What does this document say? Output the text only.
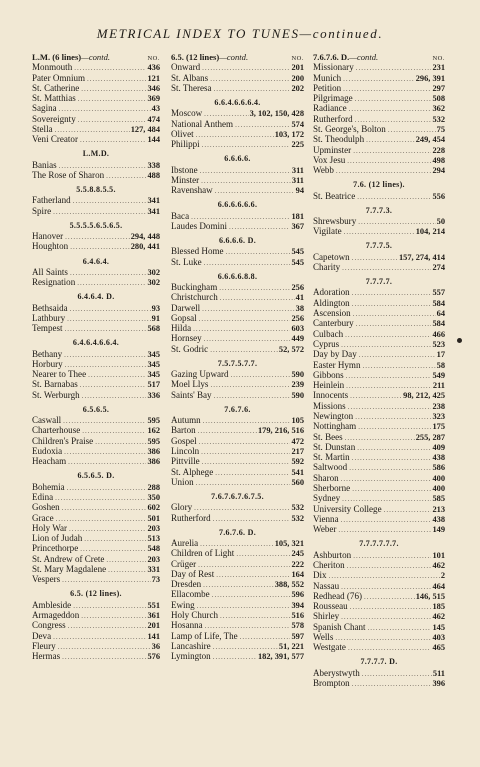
METRICAL INDEX TO TUNES—continued.
L.M. (6 lines)—contd.	NO.
Monmouth .....	436
Pater Omnium .....	121
St. Catherine .....	346
St. Matthias .....	369
Sagina .....	43
Sovereignty .....	474
Stella .....	127, 484
Veni Creator .....	144
L.M.D.
Banias .....	338
The Rose of Sharon .....	488
5.5.8.8.5.5.
Fatherland .....	341
Spire .....	341
5.5.5.5.6.5.6.5.
Hanover .....	294, 448
Houghton .....	280, 441
6.4.6.4.
All Saints .....	302
Resignation .....	302
6.4.6.4. D.
Bethsaida .....	93
Lathbury .....	91
Tempest .....	568
6.4.6.4.6.6.4.
Bethany .....	345
Horbury .....	345
Nearer to Thee .....	345
St. Barnabas .....	517
St. Werburgh .....	336
6.5.6.5.
Caswall .....	595
Charterhouse .....	162
Children's Praise .....	595
Eudoxia .....	386
Heacham .....	386
6.5.6.5. D.
Bohemia .....	288
Edina .....	350
Goshen .....	602
Grace .....	501
Holy War .....	203
Lion of Judah .....	513
Princethorpe .....	548
St. Andrew of Crete .....	203
St. Mary Magdalene .....	331
Vespers .....	73
6.5. (12 lines).
Ambleside .....	551
Armageddon .....	361
Congress .....	201
Deva .....	141
Fleury .....	36
Hermas .....	576
6.5. (12 lines)—contd.	NO.
Onward .....	201
St. Albans .....	200
St. Theresa .....	202
6.6.4.6.6.6.4.
Moscow .....	3, 102, 150, 428
National Anthem .....	574
Olivet .....	103, 172
Philippi .....	225
6.6.6.6.
Ibstone .....	311
Minster .....	311
Ravenshaw .....	94
6.6.6.6.6.6.
Baca .....	181
Laudes Domini .....	367
6.6.6.6. D.
Blessed Home .....	545
St. Luke .....	545
6.6.6.6.8.8.
Buckingham .....	256
Christchurch .....	41
Darwell .....	38
Gopsal .....	256
Hilda .....	603
Hornsey .....	449
St. Godric .....	52, 572
7.5.7.5.7.7.
Gazing Upward .....	590
Moel Llys .....	239
Saints' Bay .....	590
7.6.7.6.
Autumn .....	105
Barton .....	179, 216, 516
Gospel .....	472
Lincoln .....	217
Pittville .....	592
St. Alphege .....	541
Union .....	560
7.6.7.6.7.6.7.5.
Glory .....	532
Rutherford .....	532
7.6.7.6. D.
Aurelia .....	105, 321
Children of Light .....	245
Crüger .....	222
Day of Rest .....	164
Dresden .....	388, 552
Ellacombe .....	596
Ewing .....	394
Holy Church .....	516
Hosanna .....	578
Lamp of Life, The .....	597
Lancashire .....	51, 221
Lymington .....	182, 391, 577
7.6.7.6. D.—contd.	NO.
Missionary .....	231
Munich .....	296, 391
Petition .....	297
Pilgrimage .....	508
Radiance .....	362
Rutherford .....	532
St. George's, Bolton .....	75
St. Theodulph .....	249, 454
Upminster .....	228
Vox Jesu .....	498
Webb .....	294
7.6. (12 lines).
St. Beatrice .....	556
7.7.7.3.
Shrewsbury .....	50
Vigilate .....	104, 214
7.7.7.5.
Capetown .....	157, 274, 414
Charity .....	274
7.7.7.7.
Adoration .....	557
Aldington .....	584
Ascension .....	64
Canterbury .....	584
Culbach .....	466
Cyprus .....	523
Day by Day .....	17
Easter Hymn .....	58
Gibbons .....	549
Heinlein .....	211
Innocents .....	98, 212, 425
Missions .....	238
Newington .....	323
Nottingham .....	175
St. Bees .....	255, 287
St. Dunstan .....	409
St. Martin .....	438
Saltwood .....	586
Sharon .....	400
Sherborne .....	400
Sydney .....	585
University College .....	213
Vienna .....	438
Weber .....	149
7.7.7.7.7.7.
Ashburton .....	101
Cheriton .....	462
Dix .....	2
Nassau .....	464
Redhead (76) .....	146, 515
Rousseau .....	185
Shirley .....	462
Spanish Chant .....	145
Wells .....	403
Westgate .....	465
7.7.7.7. D.
Aberystwyth .....	511
Brompton .....	396
